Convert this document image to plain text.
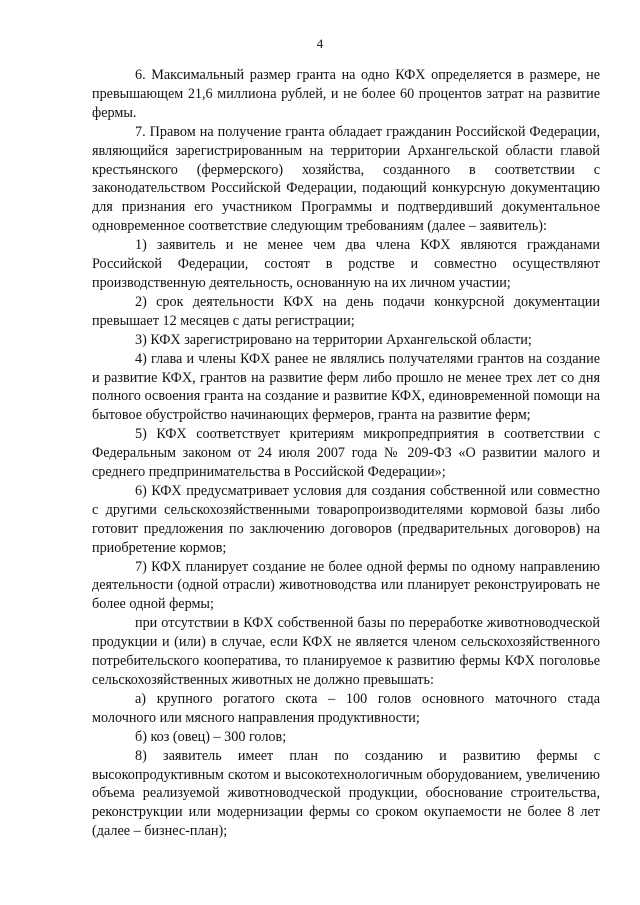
4

6. Максимальный размер гранта на одно КФХ определяется в размере, не превышающем 21,6 миллиона рублей, и не более 60 процентов затрат на развитие фермы.

7. Правом на получение гранта обладает гражданин Российской Федерации, являющийся зарегистрированным на территории Архангельской области главой крестьянского (фермерского) хозяйства, созданного в соответствии с законодательством Российской Федерации, подающий конкурсную документацию для признания его участником Программы и подтвердивший документальное одновременное соответствие следующим требованиям (далее – заявитель):

1) заявитель и не менее чем два члена КФХ являются гражданами Российской Федерации, состоят в родстве и совместно осуществляют производственную деятельность, основанную на их личном участии;

2) срок деятельности КФХ на день подачи конкурсной документации превышает 12 месяцев с даты регистрации;

3) КФХ зарегистрировано на территории Архангельской области;

4) глава и члены КФХ ранее не являлись получателями грантов на создание и развитие КФХ, грантов на развитие ферм либо прошло не менее трех лет со дня полного освоения гранта на создание и развитие КФХ, единовременной помощи на бытовое обустройство начинающих фермеров, гранта на развитие ферм;

5) КФХ соответствует критериям микропредприятия в соответствии с Федеральным законом от 24 июля 2007 года № 209-ФЗ «О развитии малого и среднего предпринимательства в Российской Федерации»;

6) КФХ предусматривает условия для создания собственной или совместно с другими сельскохозяйственными товаропроизводителями кормовой базы либо готовит предложения по заключению договоров (предварительных договоров) на приобретение кормов;

7) КФХ планирует создание не более одной фермы по одному направлению деятельности (одной отрасли) животноводства или планирует реконструировать не более одной фермы;

при отсутствии в КФХ собственной базы по переработке животноводческой продукции и (или) в случае, если КФХ не является членом сельскохозяйственного потребительского кооператива, то планируемое к развитию фермы КФХ поголовье сельскохозяйственных животных не должно превышать:

а) крупного рогатого скота – 100 голов основного маточного стада молочного или мясного направления продуктивности;

б) коз (овец) – 300 голов;

8) заявитель имеет план по созданию и развитию фермы с высокопродуктивным скотом и высокотехнологичным оборудованием, увеличению объема реализуемой животноводческой продукции, обоснование строительства, реконструкции или модернизации фермы со сроком окупаемости не более 8 лет (далее – бизнес-план);
